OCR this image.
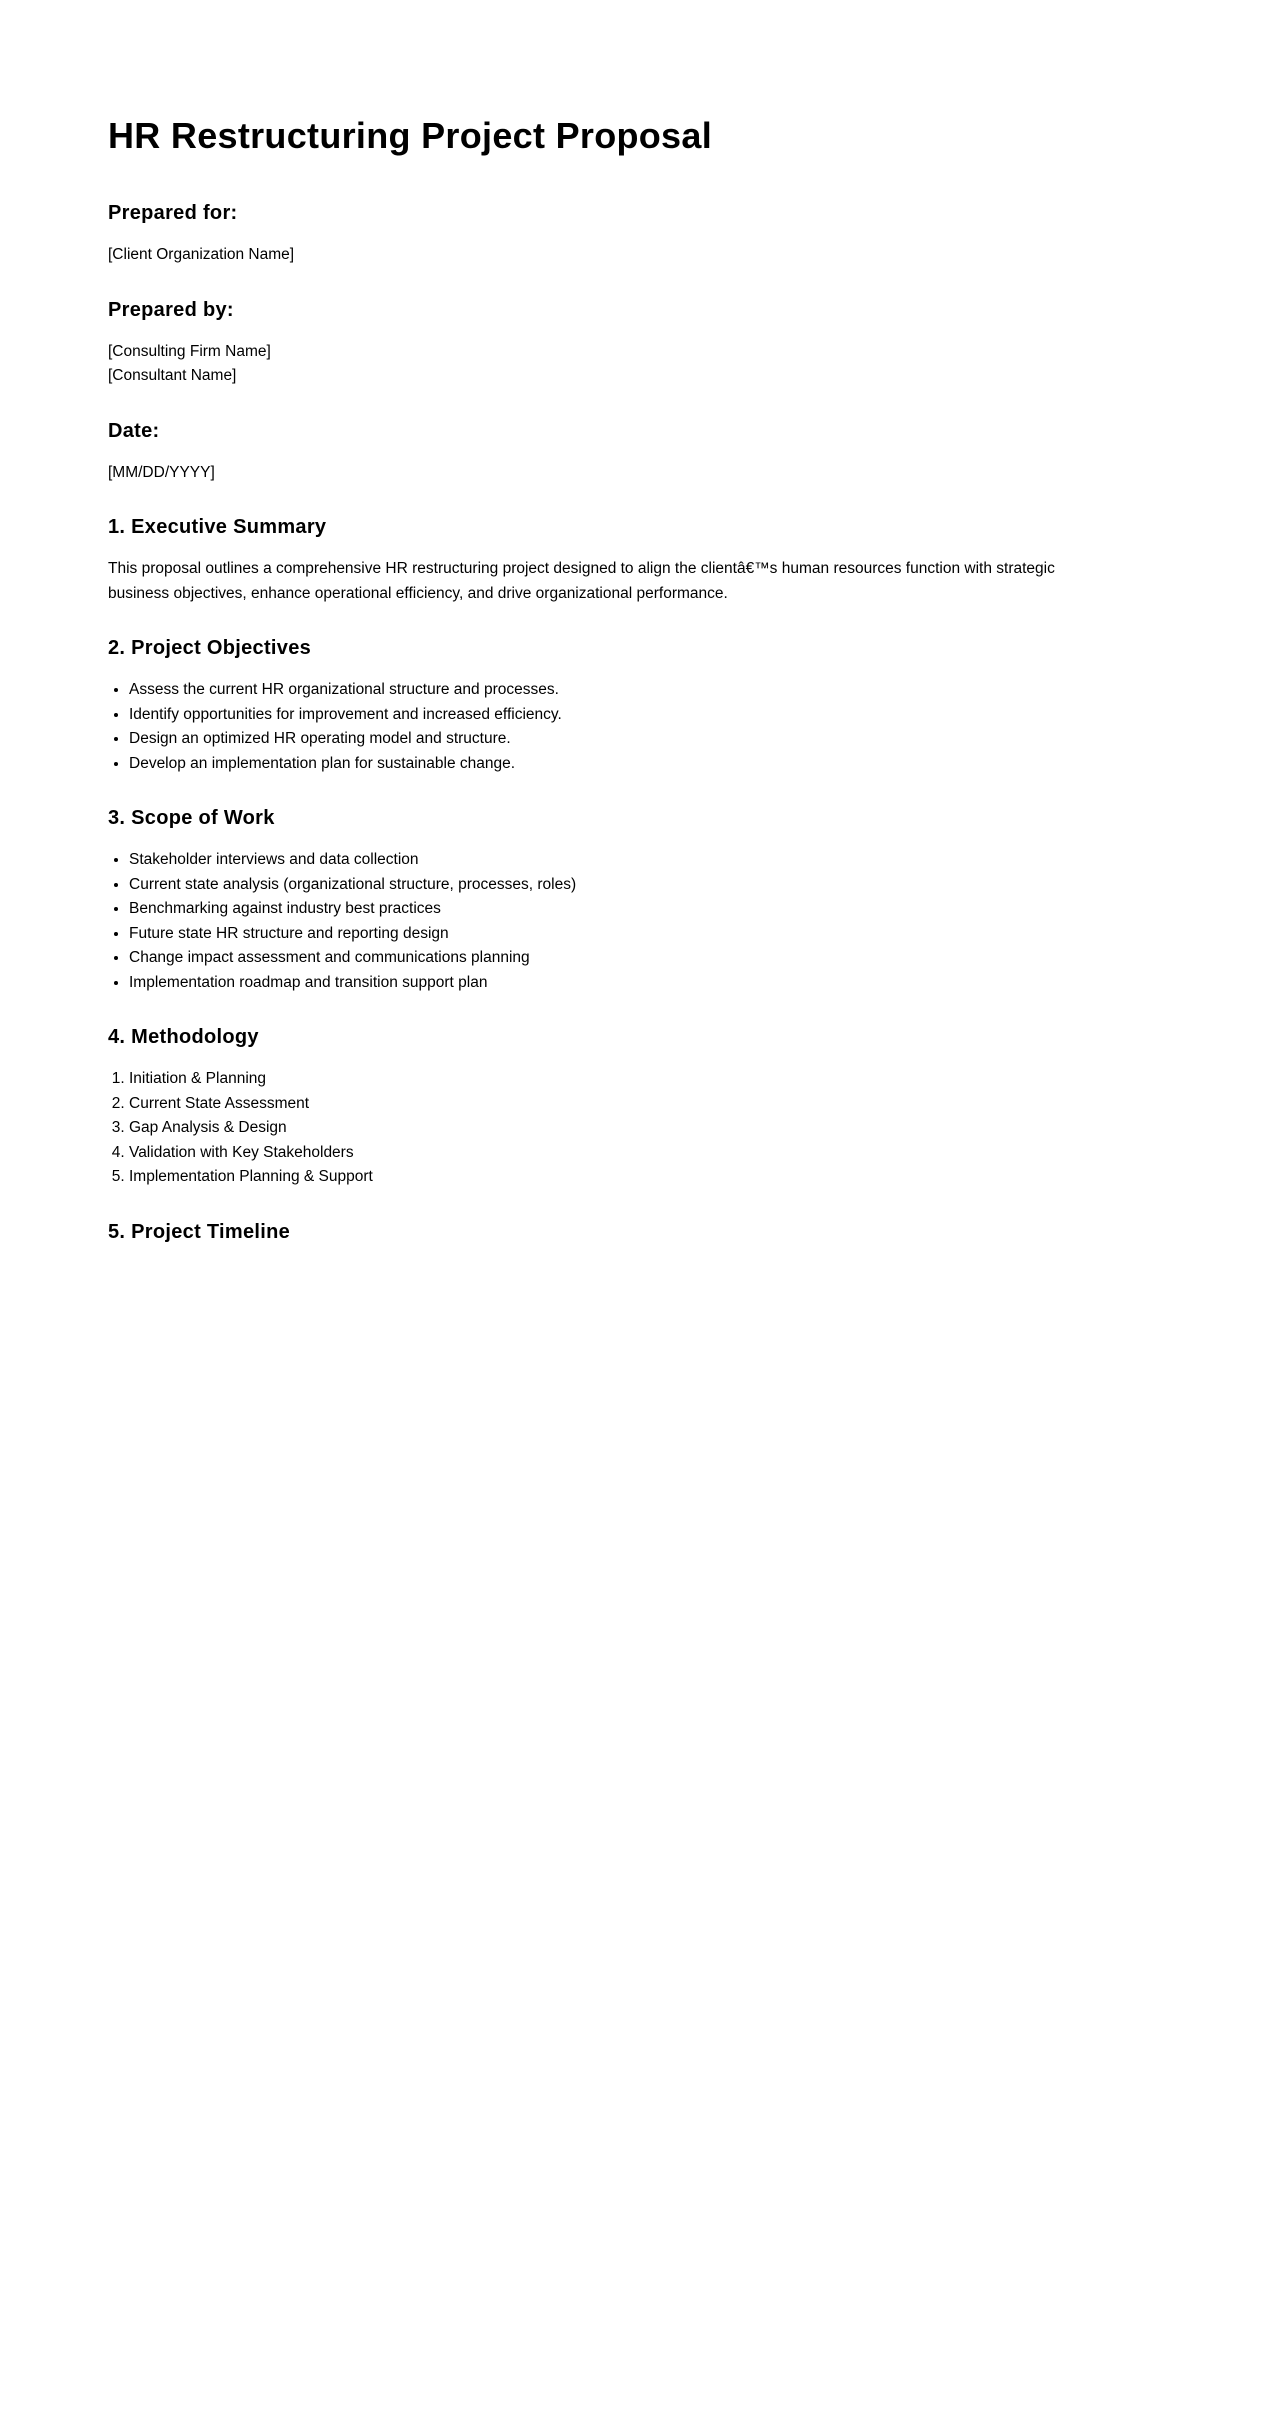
HR Restructuring Project Proposal
Prepared for:

[Client Organization Name]

Prepared by:

[Consulting Firm Name]
[Consultant Name]

Date:

[MM/DD/YYYY]

1. Executive Summary

This proposal outlines a comprehensive HR restructuring project designed to align the clientâ€™s human resources function with strategic business objectives, enhance operational efficiency, and drive organizational performance.

2. Project Objectives
• Assess the current HR organizational structure and processes.
• Identify opportunities for improvement and increased efficiency.
• Design an optimized HR operating model and structure.
• Develop an implementation plan for sustainable change.
3. Scope of Work
• Stakeholder interviews and data collection
• Current state analysis (organizational structure, processes, roles)
• Benchmarking against industry best practices
• Future state HR structure and reporting design
• Change impact assessment and communications planning
• Implementation roadmap and transition support plan
4. Methodology
1. Initiation & Planning
2. Current State Assessment
3. Gap Analysis & Design
4. Validation with Key Stakeholders
5. Implementation Planning & Support
5. Project Timeline
